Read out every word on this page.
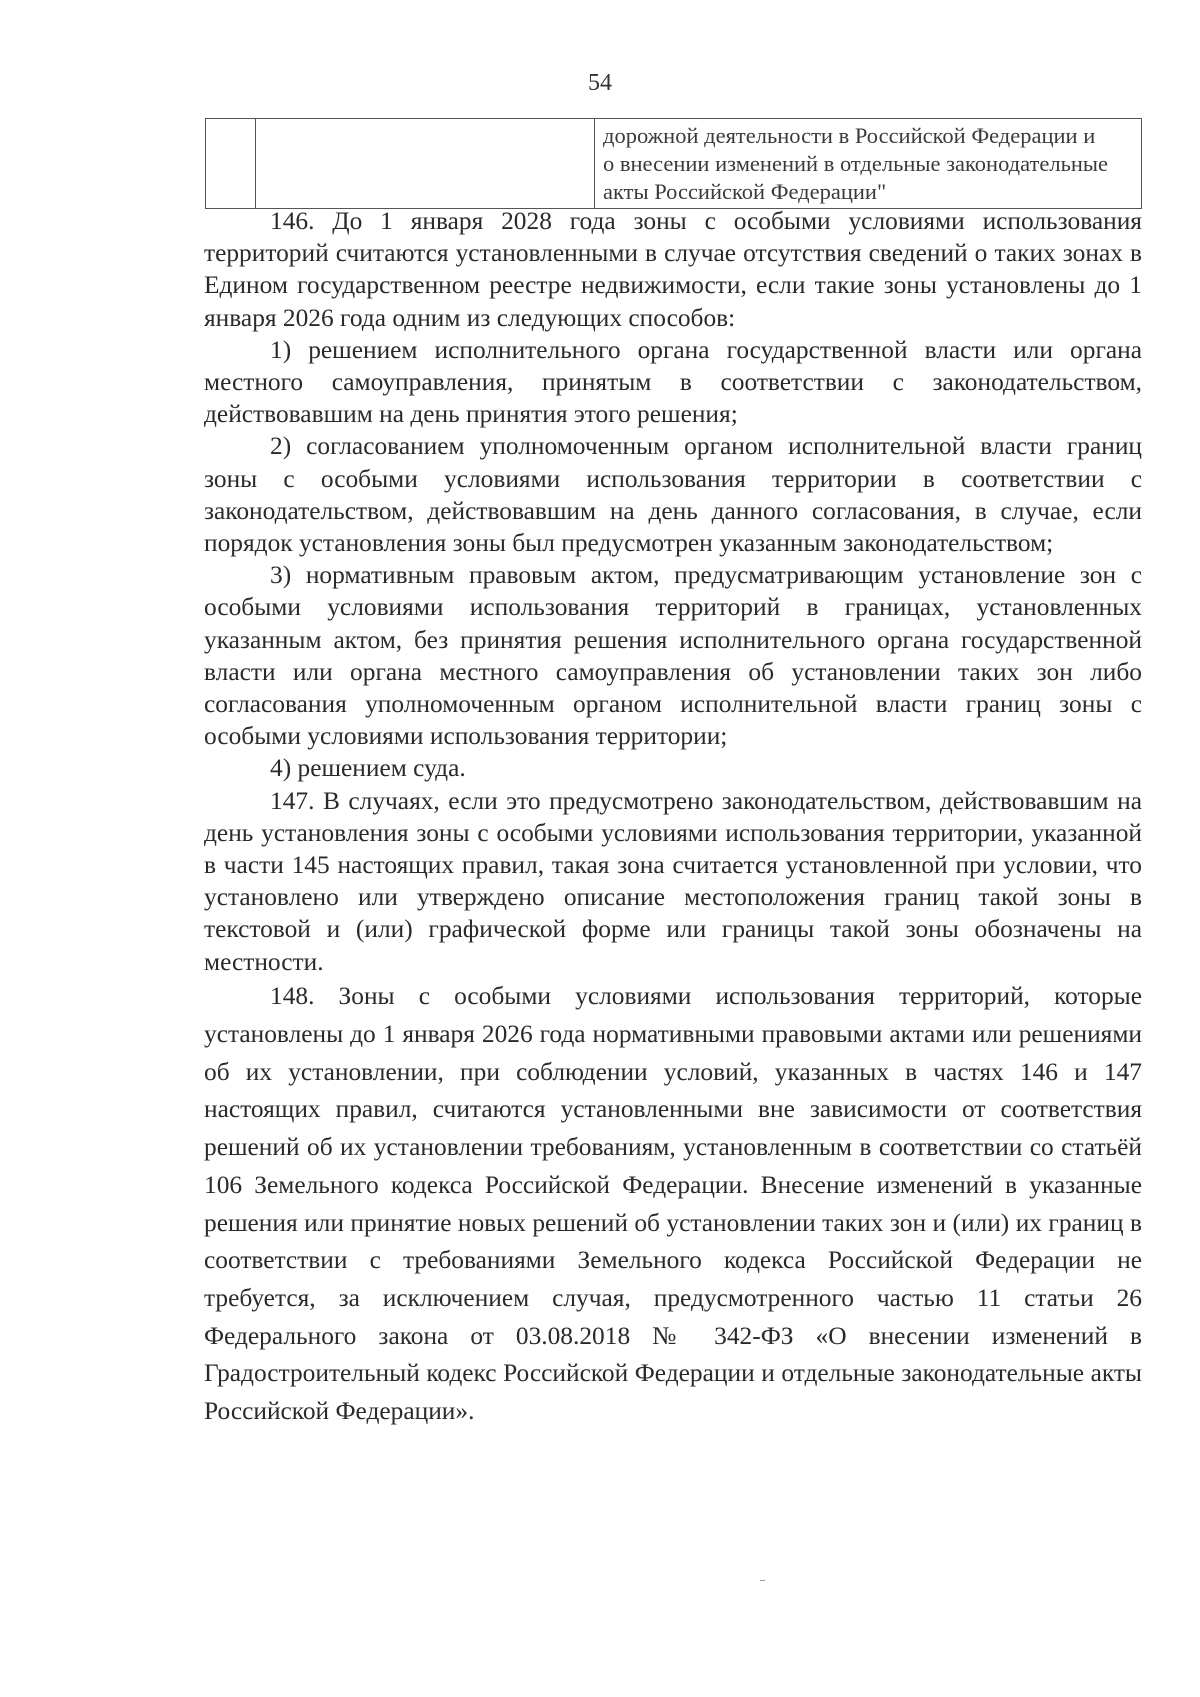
54

дорожной деятельности в Российской Федерации и
о внесении изменений в отдельные законодательные
акты Российской Федерации"

146. До 1 января 2028 года зоны с особыми условиями использования территорий считаются установленными в случае отсутствия сведений о таких зонах в Едином государственном реестре недвижимости, если такие зоны установлены до 1 января 2026 года одним из следующих способов:

1) решением исполнительного органа государственной власти или органа местного самоуправления, принятым в соответствии с законодательством, действовавшим на день принятия этого решения;

2) согласованием уполномоченным органом исполнительной власти границ зоны с особыми условиями использования территории в соответствии с законодательством, действовавшим на день данного согласования, в случае, если порядок установления зоны был предусмотрен указанным законодательством;

3) нормативным правовым актом, предусматривающим установление зон с особыми условиями использования территорий в границах, установленных указанным актом, без принятия решения исполнительного органа государственной власти или органа местного самоуправления об установлении таких зон либо согласования уполномоченным органом исполнительной власти границ зоны с особыми условиями использования территории;

4) решением суда.

147. В случаях, если это предусмотрено законодательством, действовавшим на день установления зоны с особыми условиями использования территории, указанной в части 145 настоящих правил, такая зона считается установленной при условии, что установлено или утверждено описание местоположения границ такой зоны в текстовой и (или) графической форме или границы такой зоны обозначены на местности.

148. Зоны с особыми условиями использования территорий, которые установлены до 1 января 2026 года нормативными правовыми актами или решениями об их установлении, при соблюдении условий, указанных в частях 146 и 147 настоящих правил, считаются установленными вне зависимости от соответствия решений об их установлении требованиям, установленным в соответствии со статьёй 106 Земельного кодекса Российской Федерации. Внесение изменений в указанные решения или принятие новых решений об установлении таких зон и (или) их границ в соответствии с требованиями Земельного кодекса Российской Федерации не требуется, за исключением случая, предусмотренного частью 11 статьи 26 Федерального закона от 03.08.2018 № 342-ФЗ «О внесении изменений в Градостроительный кодекс Российской Федерации и отдельные законодательные акты Российской Федерации».
